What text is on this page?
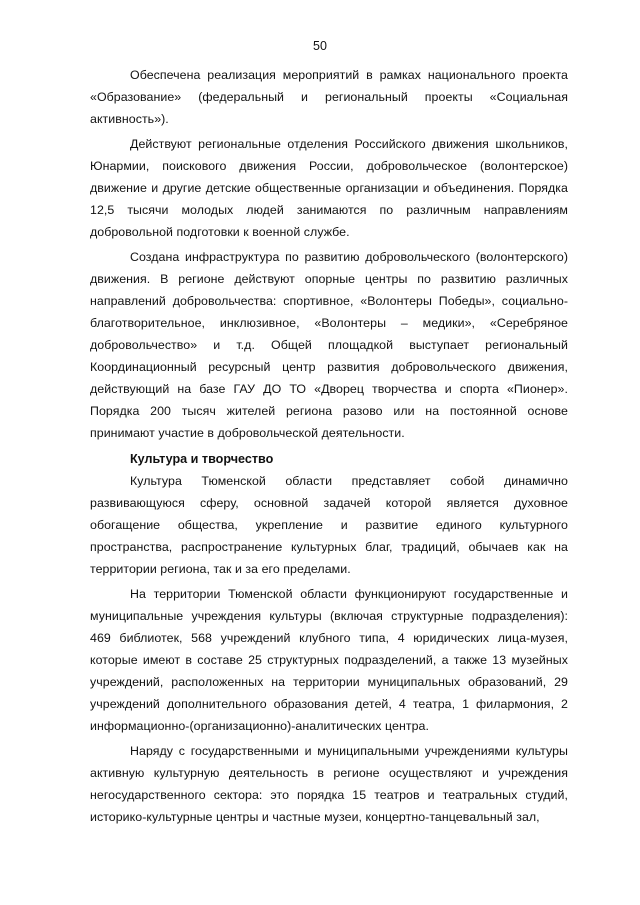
50

Обеспечена реализация мероприятий в рамках национального проекта «Образование» (федеральный и региональный проекты «Социальная активность»).

Действуют региональные отделения Российского движения школьников, Юнармии, поискового движения России, добровольческое (волонтерское) движение и другие детские общественные организации и объединения. Порядка 12,5 тысячи молодых людей занимаются по различным направлениям добровольной подготовки к военной службе.

Создана инфраструктура по развитию добровольческого (волонтерского) движения. В регионе действуют опорные центры по развитию различных направлений добровольчества: спортивное, «Волонтеры Победы», социально-благотворительное, инклюзивное, «Волонтеры – медики», «Серебряное добровольчество» и т.д. Общей площадкой выступает региональный Координационный ресурсный центр развития добровольческого движения, действующий на базе ГАУ ДО ТО «Дворец творчества и спорта «Пионер». Порядка 200 тысяч жителей региона разово или на постоянной основе принимают участие в добровольческой деятельности.

Культура и творчество

Культура Тюменской области представляет собой динамично развивающуюся сферу, основной задачей которой является духовное обогащение общества, укрепление и развитие единого культурного пространства, распространение культурных благ, традиций, обычаев как на территории региона, так и за его пределами.

На территории Тюменской области функционируют государственные и муниципальные учреждения культуры (включая структурные подразделения): 469 библиотек, 568 учреждений клубного типа, 4 юридических лица-музея, которые имеют в составе 25 структурных подразделений, а также 13 музейных учреждений, расположенных на территории муниципальных образований, 29 учреждений дополнительного образования детей, 4 театра, 1 филармония, 2 информационно-(организационно)-аналитических центра.

Наряду с государственными и муниципальными учреждениями культуры активную культурную деятельность в регионе осуществляют и учреждения негосударственного сектора: это порядка 15 театров и театральных студий, историко-культурные центры и частные музеи, концертно-танцевальный зал,
